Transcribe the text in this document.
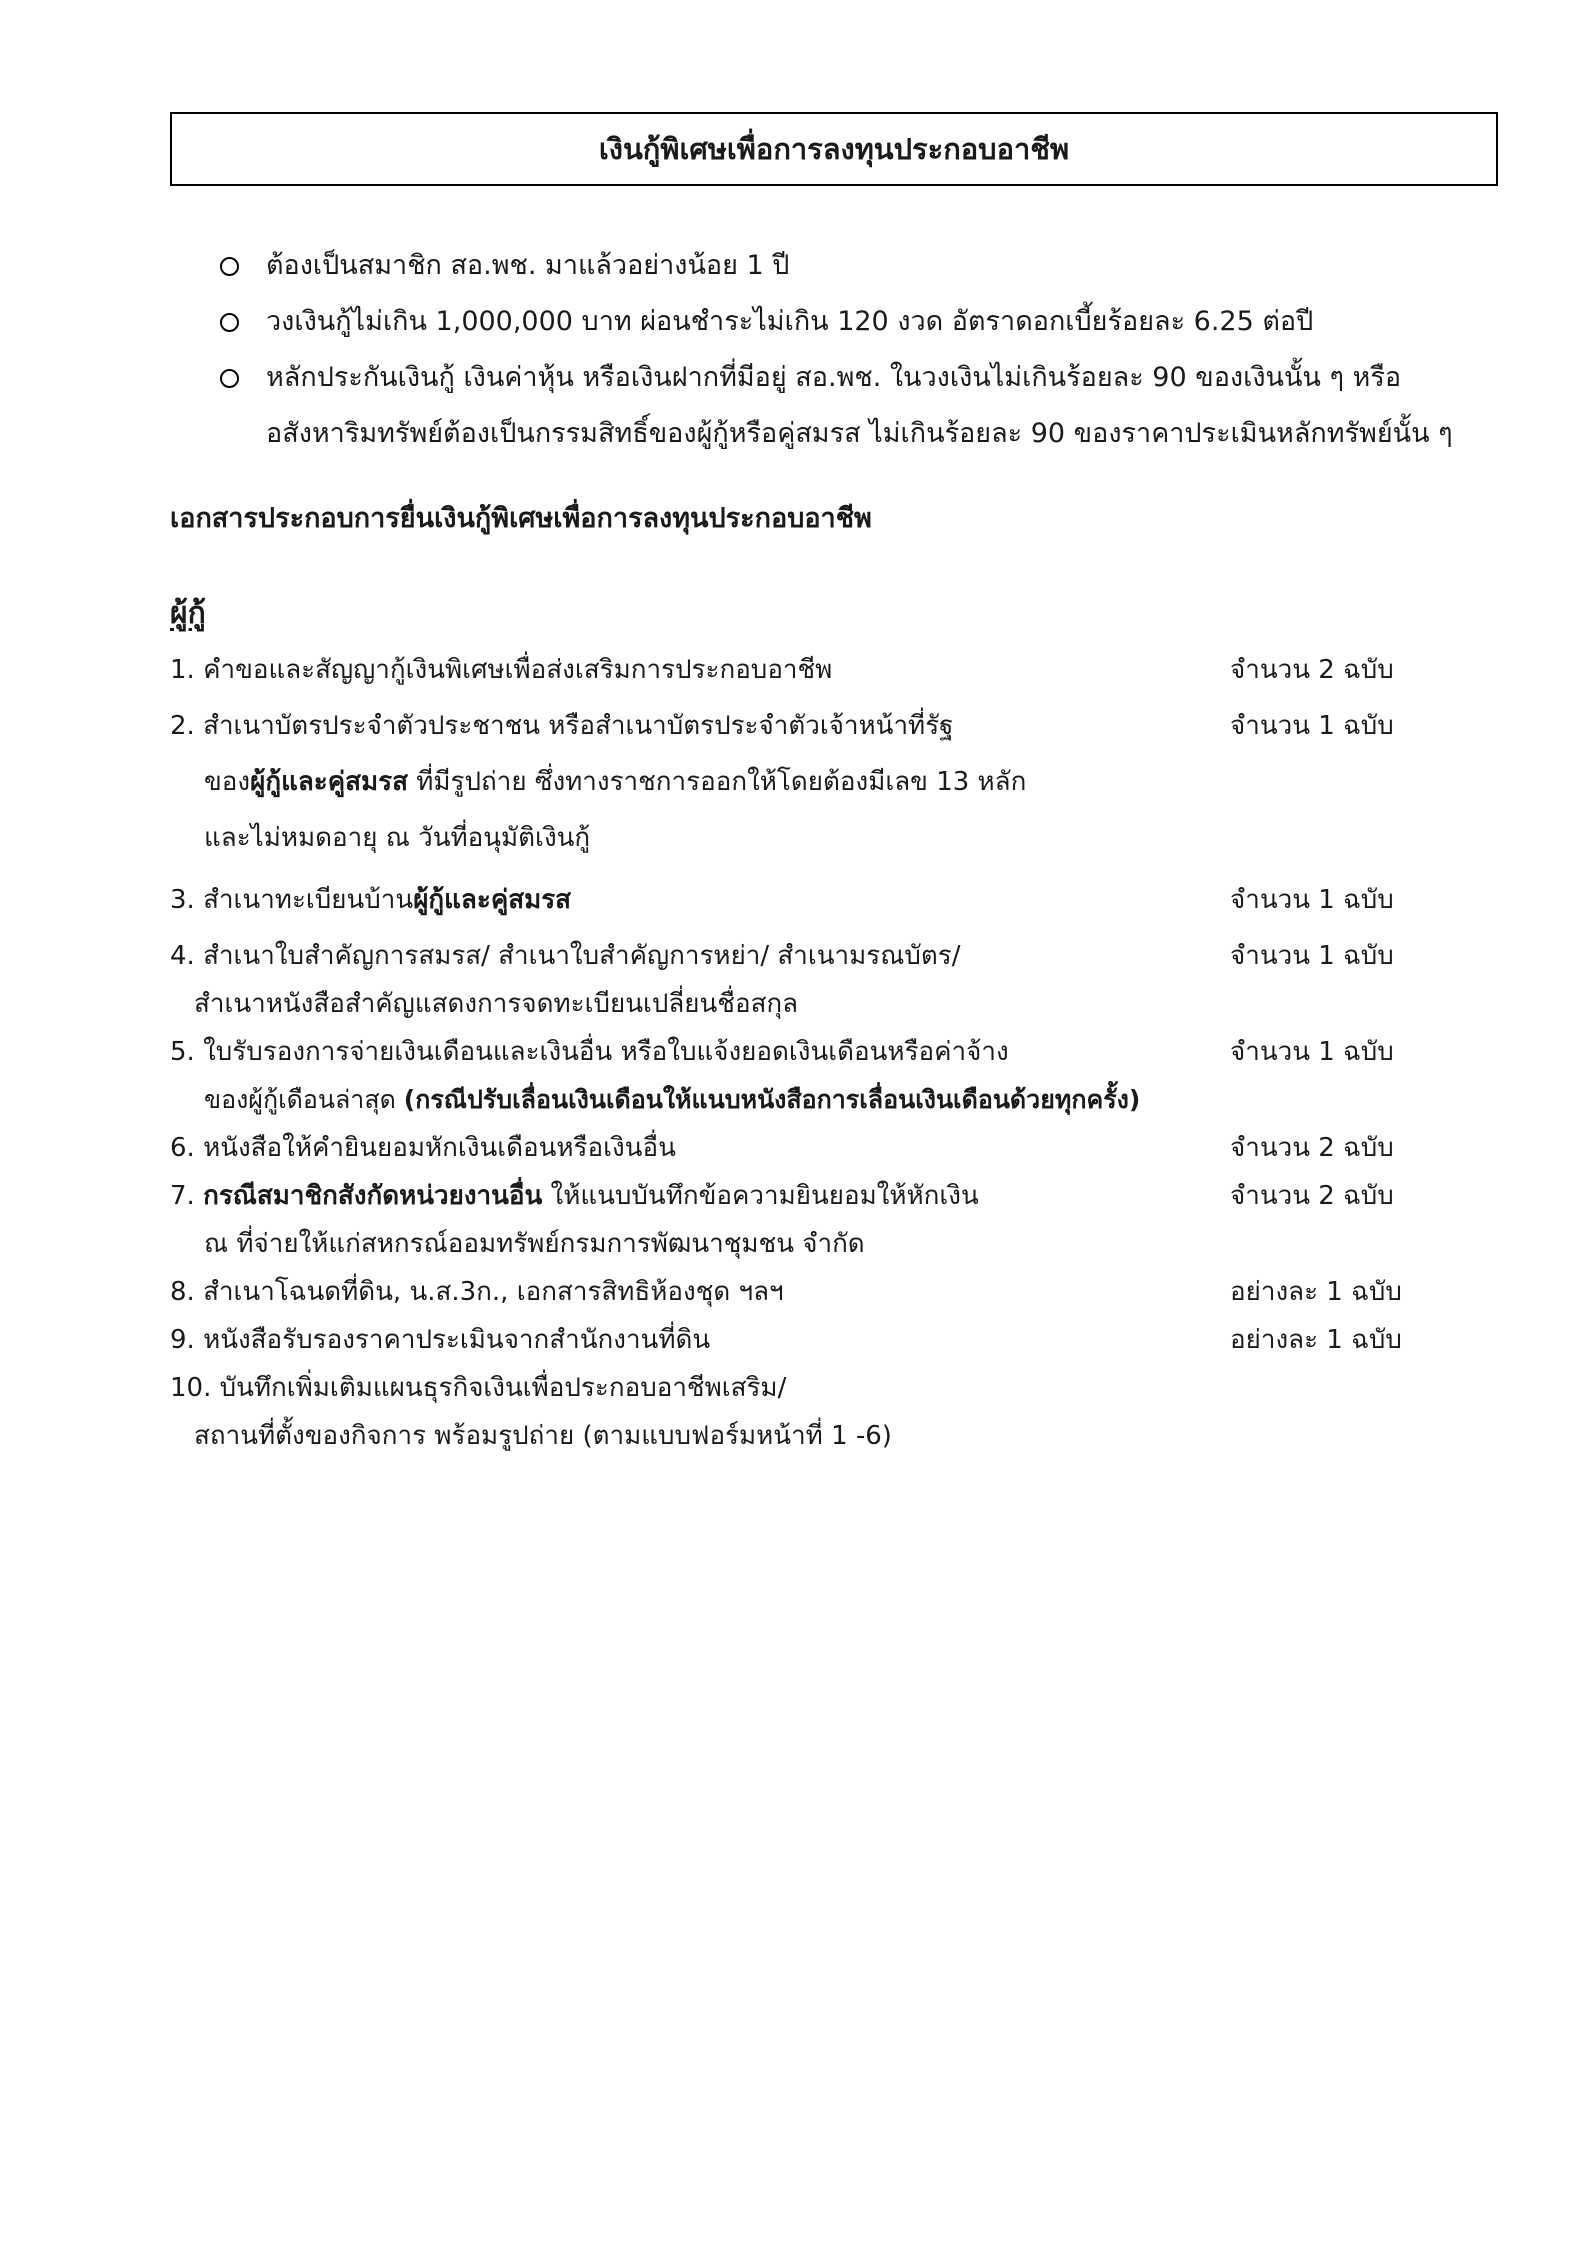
เงินกู้พิเศษเพื่อการลงทุนประกอบอาชีพ
ต้องเป็นสมาชิก สอ.พช. มาแล้วอย่างน้อย 1 ปี
วงเงินกู้ไม่เกิน 1,000,000 บาท ผ่อนชำระไม่เกิน 120 งวด อัตราดอกเบี้ยร้อยละ 6.25 ต่อปี
หลักประกันเงินกู้ เงินค่าหุ้น หรือเงินฝากที่มีอยู่ สอ.พช. ในวงเงินไม่เกินร้อยละ 90 ของเงินนั้น ๆ หรือ
อสังหาริมทรัพย์ต้องเป็นกรรมสิทธิ์ของผู้กู้หรือคู่สมรส ไม่เกินร้อยละ 90 ของราคาประเมินหลักทรัพย์นั้น ๆ
เอกสารประกอบการยื่นเงินกู้พิเศษเพื่อการลงทุนประกอบอาชีพ
ผู้กู้
1. คำขอและสัญญากู้เงินพิเศษเพื่อส่งเสริมการประกอบอาชีพ	จำนวน 2 ฉบับ
2. สำเนาบัตรประจำตัวประชาชน หรือสำเนาบัตรประจำตัวเจ้าหน้าที่รัฐ	จำนวน 1 ฉบับ
ของผู้กู้และคู่สมรส ที่มีรูปถ่าย ซึ่งทางราชการออกให้โดยต้องมีเลข 13 หลัก
และไม่หมดอายุ ณ วันที่อนุมัติเงินกู้
3. สำเนาทะเบียนบ้านผู้กู้และคู่สมรส	จำนวน 1 ฉบับ
4. สำเนาใบสำคัญการสมรส/ สำเนาใบสำคัญการหย่า/ สำเนามรณบัตร/	จำนวน 1 ฉบับ
สำเนาหนังสือสำคัญแสดงการจดทะเบียนเปลี่ยนชื่อสกุล
5. ใบรับรองการจ่ายเงินเดือนและเงินอื่น หรือใบแจ้งยอดเงินเดือนหรือค่าจ้าง	จำนวน 1 ฉบับ
ของผู้กู้เดือนล่าสุด (กรณีปรับเลื่อนเงินเดือนให้แนบหนังสือการเลื่อนเงินเดือนด้วยทุกครั้ง)
6. หนังสือให้คำยินยอมหักเงินเดือนหรือเงินอื่น	จำนวน 2 ฉบับ
7. กรณีสมาชิกสังกัดหน่วยงานอื่น ให้แนบบันทึกข้อความยินยอมให้หักเงิน	จำนวน 2 ฉบับ
ณ ที่จ่ายให้แก่สหกรณ์ออมทรัพย์กรมการพัฒนาชุมชน จำกัด
8. สำเนาโฉนดที่ดิน, น.ส.3ก., เอกสารสิทธิห้องชุด ฯลฯ	อย่างละ 1 ฉบับ
9. หนังสือรับรองราคาประเมินจากสำนักงานที่ดิน	อย่างละ 1 ฉบับ
10. บันทึกเพิ่มเติมแผนธุรกิจเงินเพื่อประกอบอาชีพเสริม/
สถานที่ตั้งของกิจการ พร้อมรูปถ่าย (ตามแบบฟอร์มหน้าที่ 1 -6)
